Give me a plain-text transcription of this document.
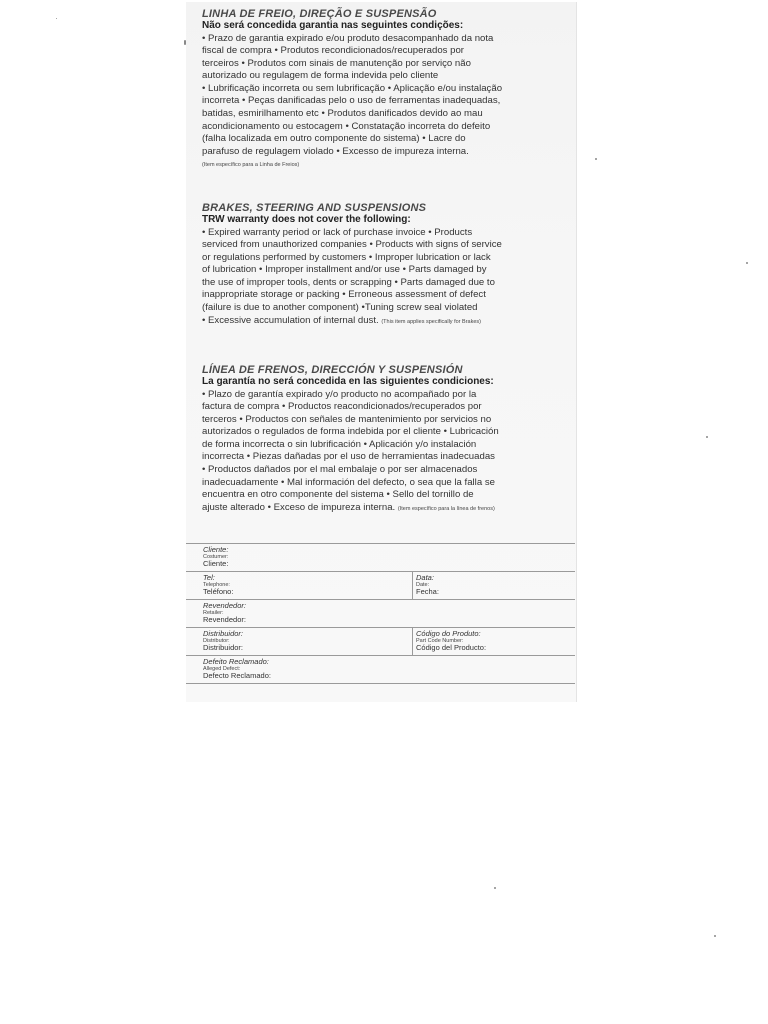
LINHA DE FREIO, DIREÇÃO E SUSPENSÃO

Não será concedida garantia nas seguintes condições:

• Prazo de garantia expirado e/ou produto desacompanhado da nota
fiscal de compra • Produtos recondicionados/recuperados por
terceiros • Produtos com sinais de manutenção por serviço não
autorizado ou regulagem de forma indevida pelo cliente
• Lubrificação incorreta ou sem lubrificação • Aplicação e/ou instalação
incorreta • Peças danificadas pelo o uso de ferramentas inadequadas,
batidas, esmirilhamento etc • Produtos danificados devido ao mau
acondicionamento ou estocagem • Constatação incorreta do defeito
(falha localizada em outro componente do sistema) • Lacre do
parafuso de regulagem violado • Excesso de impureza interna.
(Item específico para a Linha de Freios)

BRAKES, STEERING AND SUSPENSIONS

TRW warranty does not cover the following:

• Expired warranty period or lack of purchase invoice • Products
serviced from unauthorized companies • Products with signs of service
or regulations performed by customers • Improper lubrication or lack
of lubrication • Improper installment and/or use • Parts damaged by
the use of improper tools, dents or scrapping • Parts damaged due to
inappropriate storage or packing • Erroneous assessment of defect
(failure is due to another component) •Tuning screw seal violated
• Excessive accumulation of internal dust. (This item applies specifically for Brakes)

LÍNEA DE FRENOS, DIRECCIÓN Y SUSPENSIÓN

La garantía no será concedida en las siguientes condiciones:

• Plazo de garantía expirado y/o producto no acompañado por la
factura de compra • Productos reacondicionados/recuperados por
terceros • Productos con señales de mantenimiento por servicios no
autorizados o regulados de forma indebida por el cliente • Lubricación
de forma incorrecta o sin lubrificación • Aplicación y/o instalación
incorrecta • Piezas dañadas por el uso de herramientas inadecuadas
• Productos dañados por el mal embalaje o por ser almacenados
inadecuadamente • Mal información del defecto, o sea que la falla se
encuentra en otro componente del sistema • Sello del tornillo de
ajuste alterado • Exceso de impureza interna. (Item específico para la línea de frenos)

Cliente:
Costumer:
Cliente:
Tel:
Telephone:
Teléfono:
Data:
Date:
Fecha:
Revendedor:
Retailer:
Revendedor:
Distribuidor:
Distributor:
Distribuidor:
Código do Produto:
Part Code Number:
Código del Producto:
Defeito Reclamado:
Alleged Defect:
Defecto Reclamado:
